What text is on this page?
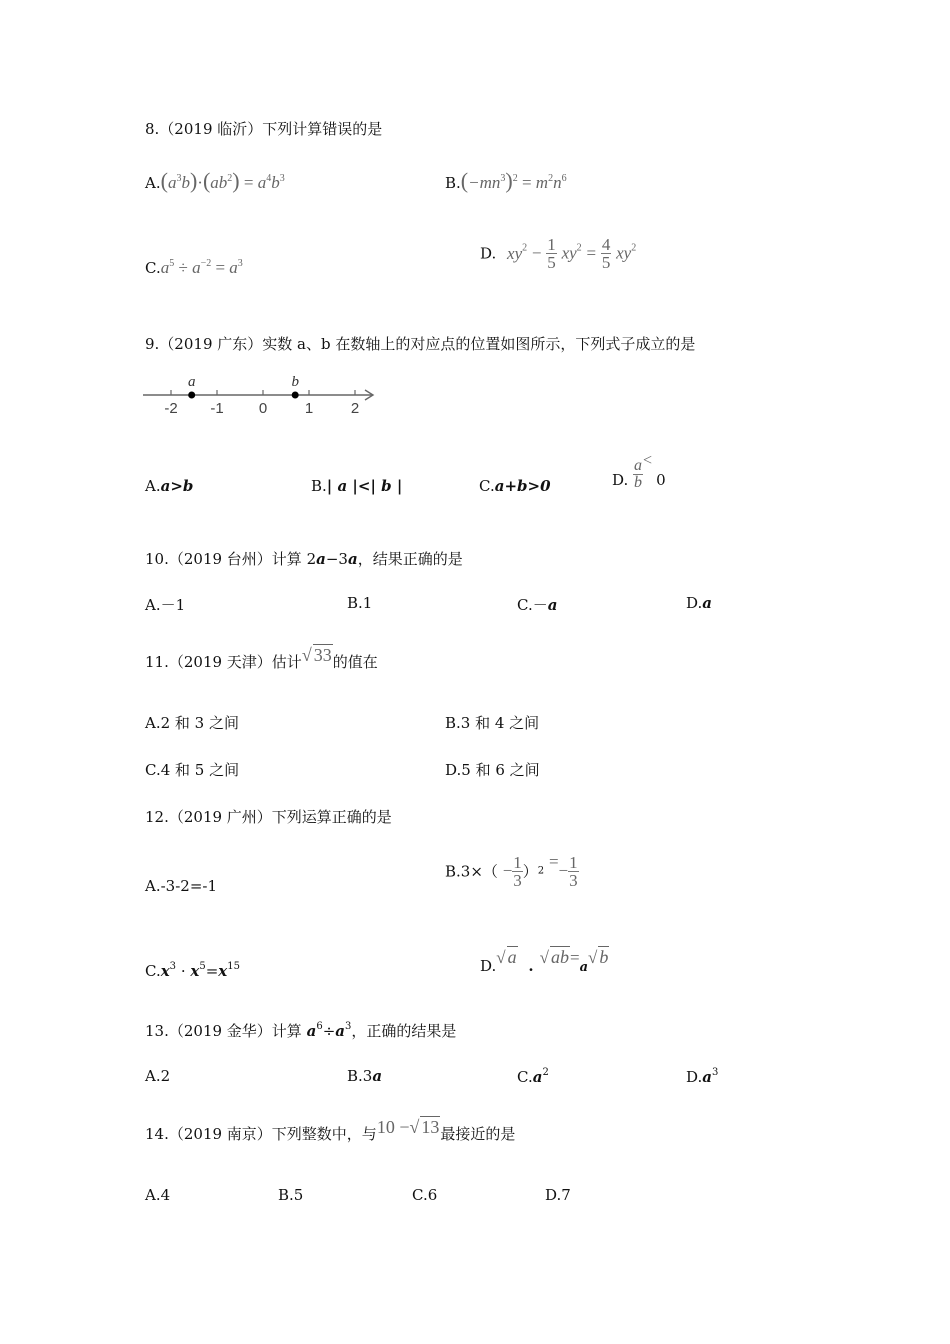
8.（2019 临沂）下列计算错误的是
$A.(a^3b)\cdot(ab^2) = a^4b^3$	$B.(-mn^3)^2 = m^2n^6$
$C.a^5 \div a^{-2} = a^3$
D. $xy^2 - \frac{1}{5} xy^2 = \frac{4}{5} xy^2$
9.（2019 广东）实数 a、b 在数轴上的对应点的位置如图所示，下列式子成立的是
-2 -1 0	1	2
a	b
A.a>b	B.| a |<| b |	C.a+b>0	D. $\frac{a}{b} <0$
10.（2019 台州）计算 2a−3a，结果正确的是
A.－1	B.1	C.－a	D.a
11.（2019 天津）估计√ 33的值在
A.2 和 3 之间	B.3 和 4 之间
C.4 和 5 之间	D.5 和 6 之间
12.（2019 广州）下列运算正确的是
A.-3-2=-1
$B.3\times( - \frac{1}{3} )2 =- \frac{1}{3}$
$C.x^3 \cdot x^5=x^{15}$	D.√ a . √ ab=a√ b
13.（2019 金华）计算 $a^6\div a^3$，正确的结果是
A.2	B.3a	$C.a^2$	$D.a^3$
14.（2019 南京）下列整数中，与10 −√ 13最接近的是
A.4	B.5	C.6	D.7
